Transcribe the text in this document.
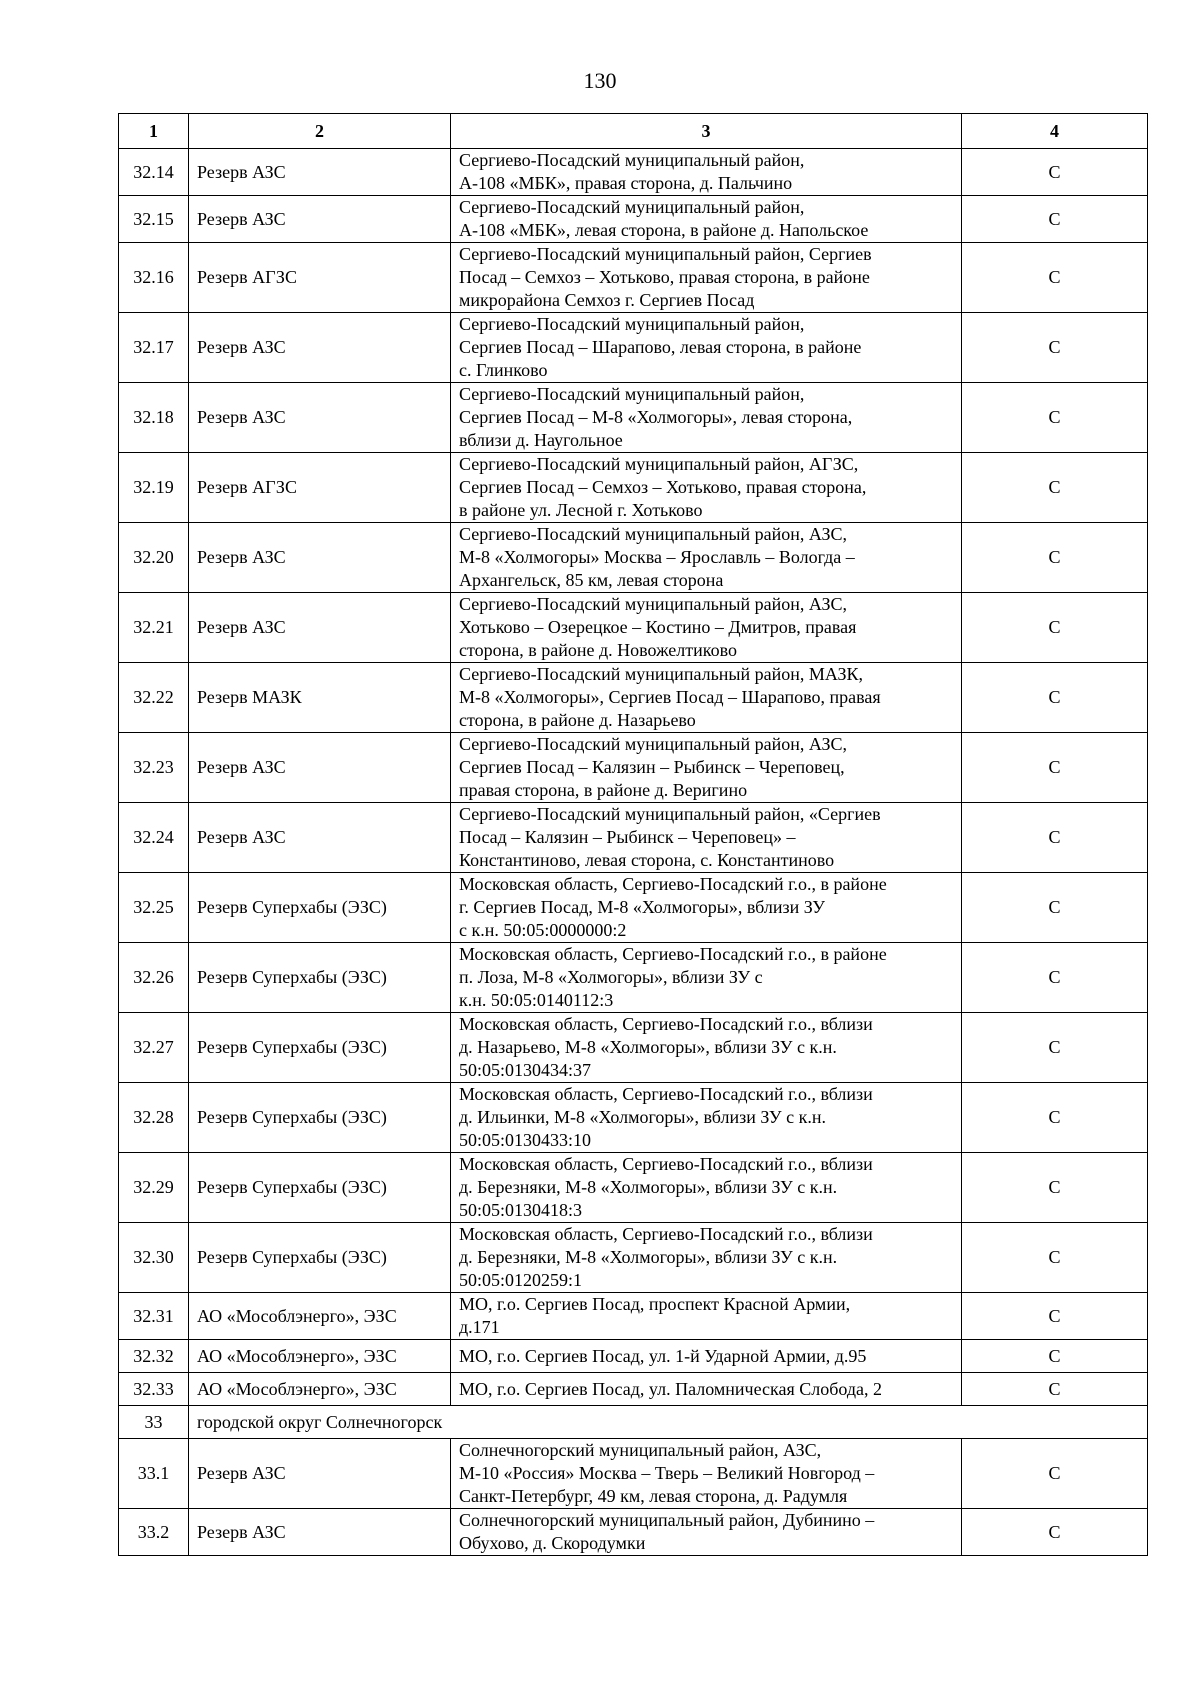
130
1	2	3	4
32.14	Резерв АЗС	Сергиево-Посадский муниципальный район,
А-108 «МБК», правая сторона, д. Пальчино	С
32.15	Резерв АЗС	Сергиево-Посадский муниципальный район,
А-108 «МБК», левая сторона, в районе д. Напольское	С
32.16	Резерв АГЗС	Сергиево-Посадский муниципальный район, Сергиев
Посад – Семхоз – Хотьково, правая сторона, в районе
микрорайона Семхоз г. Сергиев Посад	С
32.17	Резерв АЗС	Сергиево-Посадский муниципальный район,
Сергиев Посад – Шарапово, левая сторона, в районе
с. Глинково	С
32.18	Резерв АЗС	Сергиево-Посадский муниципальный район,
Сергиев Посад – М-8 «Холмогоры», левая сторона,
вблизи д. Наугольное	С
32.19	Резерв АГЗС	Сергиево-Посадский муниципальный район, АГЗС,
Сергиев Посад – Семхоз – Хотьково, правая сторона,
в районе ул. Лесной г. Хотьково	С
32.20	Резерв АЗС	Сергиево-Посадский муниципальный район, АЗС,
М-8 «Холмогоры» Москва – Ярославль – Вологда –
Архангельск, 85 км, левая сторона	С
32.21	Резерв АЗС	Сергиево-Посадский муниципальный район, АЗС,
Хотьково – Озерецкое – Костино – Дмитров, правая
сторона, в районе д. Новожелтиково	С
32.22	Резерв МАЗК	Сергиево-Посадский муниципальный район, МАЗК,
М-8 «Холмогоры», Сергиев Посад – Шарапово, правая
сторона, в районе д. Назарьево	С
32.23	Резерв АЗС	Сергиево-Посадский муниципальный район, АЗС,
Сергиев Посад – Калязин – Рыбинск – Череповец,
правая сторона, в районе д. Веригино	С
32.24	Резерв АЗС	Сергиево-Посадский муниципальный район, «Сергиев
Посад – Калязин – Рыбинск – Череповец» –
Константиново, левая сторона, с. Константиново	С
32.25	Резерв Суперхабы (ЭЗС)	Московская область, Сергиево-Посадский г.о., в районе
г. Сергиев Посад, М-8 «Холмогоры», вблизи ЗУ
с к.н. 50:05:0000000:2	С
32.26	Резерв Суперхабы (ЭЗС)	Московская область, Сергиево-Посадский г.о., в районе
п. Лоза, М-8 «Холмогоры», вблизи ЗУ с
к.н. 50:05:0140112:3	С
32.27	Резерв Суперхабы (ЭЗС)	Московская область, Сергиево-Посадский г.о., вблизи
д. Назарьево, М-8 «Холмогоры», вблизи ЗУ с к.н.
50:05:0130434:37	С
32.28	Резерв Суперхабы (ЭЗС)	Московская область, Сергиево-Посадский г.о., вблизи
д. Ильинки, М-8 «Холмогоры», вблизи ЗУ с к.н.
50:05:0130433:10	С
32.29	Резерв Суперхабы (ЭЗС)	Московская область, Сергиево-Посадский г.о., вблизи
д. Березняки, М-8 «Холмогоры», вблизи ЗУ с к.н.
50:05:0130418:3	С
32.30	Резерв Суперхабы (ЭЗС)	Московская область, Сергиево-Посадский г.о., вблизи
д. Березняки, М-8 «Холмогоры», вблизи ЗУ с к.н.
50:05:0120259:1	С
32.31	АО «Мособлэнерго», ЭЗС	МО, г.о. Сергиев Посад, проспект Красной Армии,
д.171	С
32.32	АО «Мособлэнерго», ЭЗС	МО, г.о. Сергиев Посад, ул. 1-й Ударной Армии, д.95	С
32.33	АО «Мособлэнерго», ЭЗС	МО, г.о. Сергиев Посад, ул. Паломническая Слобода, 2	С
33	городской округ Солнечногорск		
33.1	Резерв АЗС	Солнечногорский муниципальный район, АЗС,
М-10 «Россия» Москва – Тверь – Великий Новгород –
Санкт-Петербург, 49 км, левая сторона, д. Радумля	С
33.2	Резерв АЗС	Солнечногорский муниципальный район, Дубинино –
Обухово, д. Скородумки	С
